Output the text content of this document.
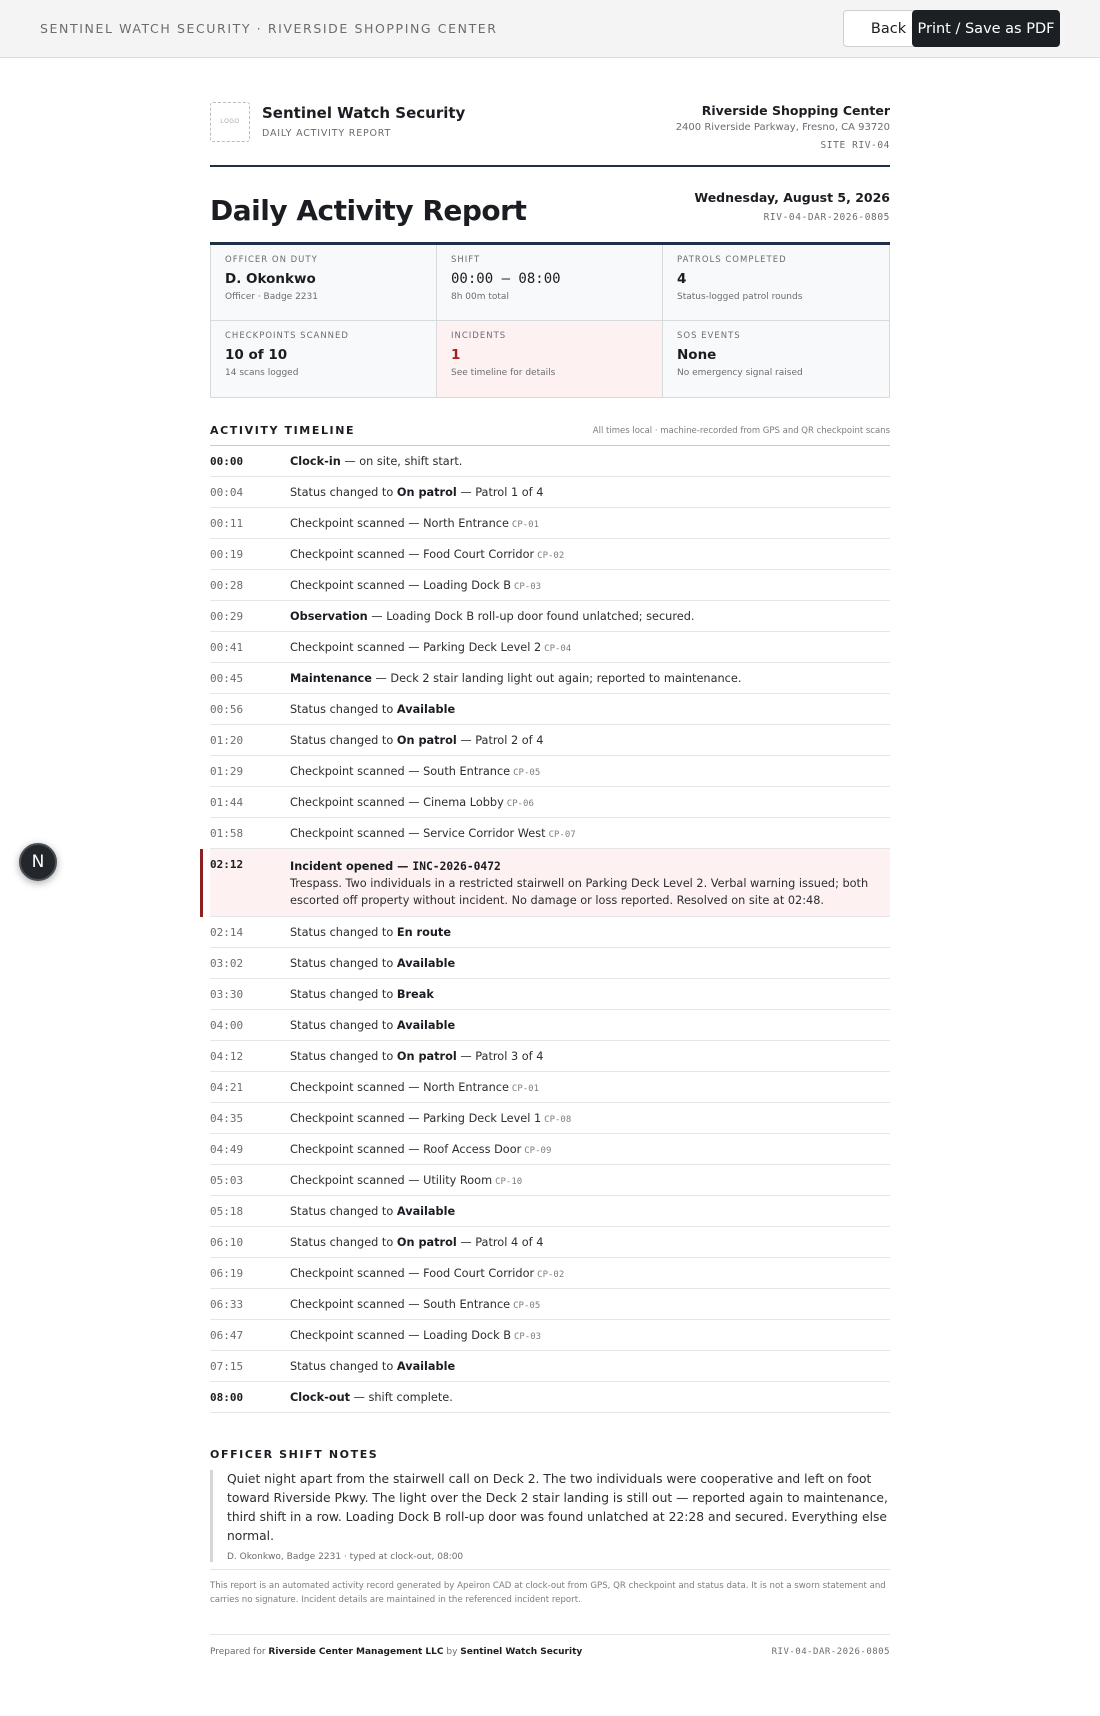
SENTINEL WATCH SECURITY · RIVERSIDE SHOPPING CENTER	Back Print / Save as PDF
N
LOGO	Sentinel Watch Security
DAILY ACTIVITY REPORT
Riverside Shopping Center
2400 Riverside Parkway, Fresno, CA 93720
SITE RIV-04
Daily Activity Report	Wednesday, August 5, 2026
RIV-04-DAR-2026-0805
OFFICER ON DUTY
D. Okonkwo
Officer · Badge 2231
SHIFT
00:00 – 08:00
8h 00m total
PATROLS COMPLETED
4
Status-logged patrol rounds
CHECKPOINTS SCANNED
10 of 10
14 scans logged
INCIDENTS
1
See timeline for details
SOS EVENTS
None
No emergency signal raised
ACTIVITY TIMELINE	All times local · machine-recorded from GPS and QR checkpoint scans
00:00	Clock-in — on site, shift start.
00:04	Status changed to On patrol — Patrol 1 of 4
00:11	Checkpoint scanned — North Entrance CP-01
00:19	Checkpoint scanned — Food Court Corridor CP-02
00:28	Checkpoint scanned — Loading Dock B CP-03
00:29	Observation — Loading Dock B roll-up door found unlatched; secured.
00:41	Checkpoint scanned — Parking Deck Level 2 CP-04
00:45	Maintenance — Deck 2 stair landing light out again; reported to maintenance.
00:56	Status changed to Available
01:20	Status changed to On patrol — Patrol 2 of 4
01:29	Checkpoint scanned — South Entrance CP-05
01:44	Checkpoint scanned — Cinema Lobby CP-06
01:58	Checkpoint scanned — Service Corridor West CP-07
02:12	Incident opened — INC-2026-0472
Trespass. Two individuals in a restricted stairwell on Parking Deck Level 2. Verbal warning issued; both escorted off property without incident. No damage or loss reported. Resolved on site at 02:48.
02:14	Status changed to En route
03:02	Status changed to Available
03:30	Status changed to Break
04:00	Status changed to Available
04:12	Status changed to On patrol — Patrol 3 of 4
04:21	Checkpoint scanned — North Entrance CP-01
04:35	Checkpoint scanned — Parking Deck Level 1 CP-08
04:49	Checkpoint scanned — Roof Access Door CP-09
05:03	Checkpoint scanned — Utility Room CP-10
05:18	Status changed to Available
06:10	Status changed to On patrol — Patrol 4 of 4
06:19	Checkpoint scanned — Food Court Corridor CP-02
06:33	Checkpoint scanned — South Entrance CP-05
06:47	Checkpoint scanned — Loading Dock B CP-03
07:15	Status changed to Available
08:00	Clock-out — shift complete.
OFFICER SHIFT NOTES
Quiet night apart from the stairwell call on Deck 2. The two individuals were cooperative and left on foot toward Riverside Pkwy. The light over the Deck 2 stair landing is still out — reported again to maintenance, third shift in a row. Loading Dock B roll-up door was found unlatched at 22:28 and secured. Everything else normal.
D. Okonkwo, Badge 2231 · typed at clock-out, 08:00
This report is an automated activity record generated by Apeiron CAD at clock-out from GPS, QR checkpoint and status data. It is not a sworn statement and carries no signature. Incident details are maintained in the referenced incident report.
Prepared for Riverside Center Management LLC by Sentinel Watch Security	RIV-04-DAR-2026-0805
